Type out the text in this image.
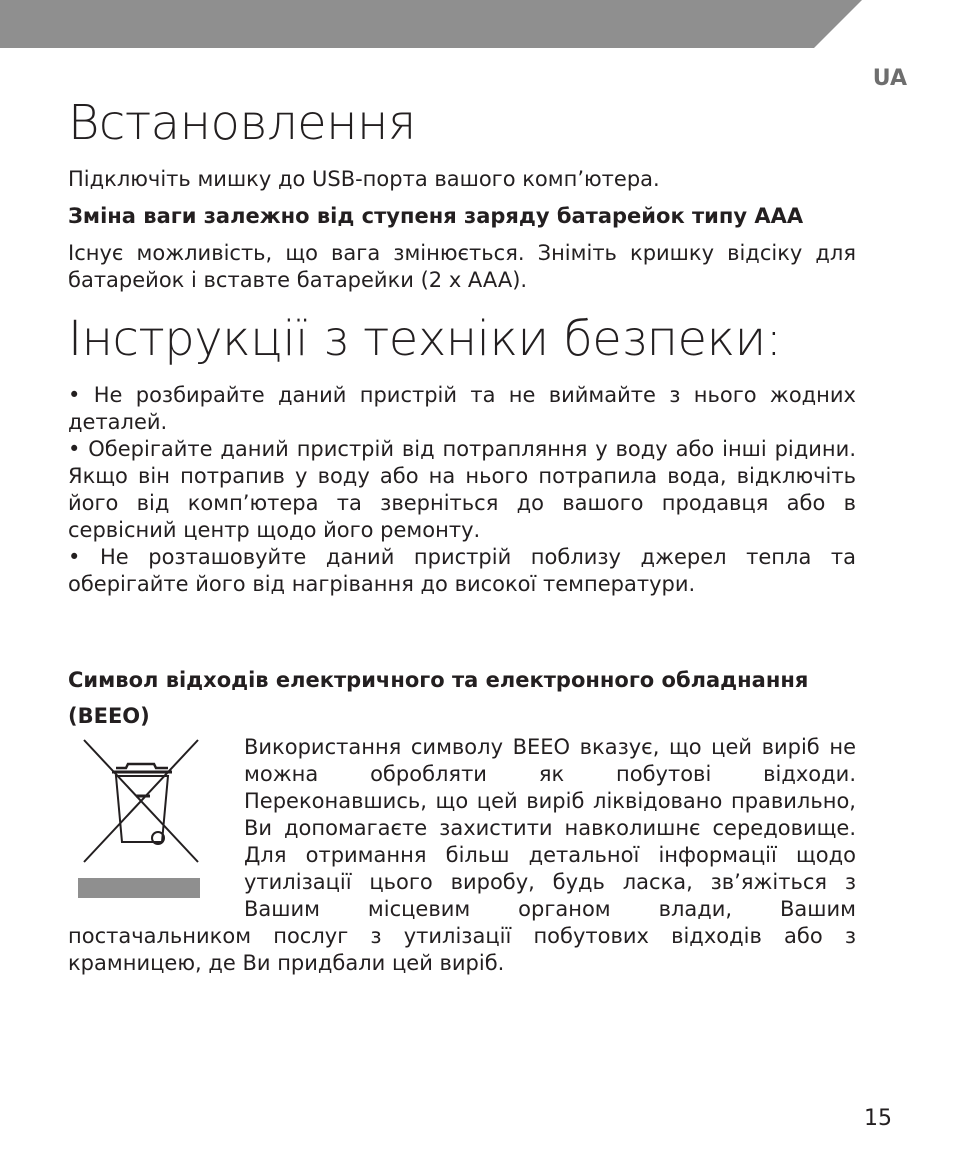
UA
Встановлення

Підключіть мишку до USB-порта вашого комп’ютера.

Зміна ваги залежно від ступеня заряду батарейок типу AAA

Існує можливість, що вага змінюється. Зніміть кришку відсіку для батарейок і вставте батарейки (2 x AAA).

Інструкції з техніки безпеки:

• Не розбирайте даний пристрій та не виймайте з нього жодних деталей.

• Оберігайте даний пристрій від потрапляння у воду або інші рідини. Якщо він потрапив у воду або на нього потрапила вода, відключіть його від комп’ютера та зверніться до вашого продавця або в сервісний центр щодо його ремонту.

• Не розташовуйте даний пристрій поблизу джерел тепла та оберігайте його від нагрівання до високої температури.

Символ відходів електричного та електронного обладнання

(BEEO)

Використання символу BEEO вказує, що цей виріб не можна обробляти як побутові відходи. Переконавшись, що цей виріб ліквідовано правильно, Ви допомагаєте захистити навколишнє середовище. Для отримання більш детальної інформації щодо утилізації цього виробу, будь ласка, зв’яжіться з Вашим місцевим органом влади, Вашим постачальником послуг з утилізації побутових відходів або з крамницею, де Ви придбали цей виріб.

15
